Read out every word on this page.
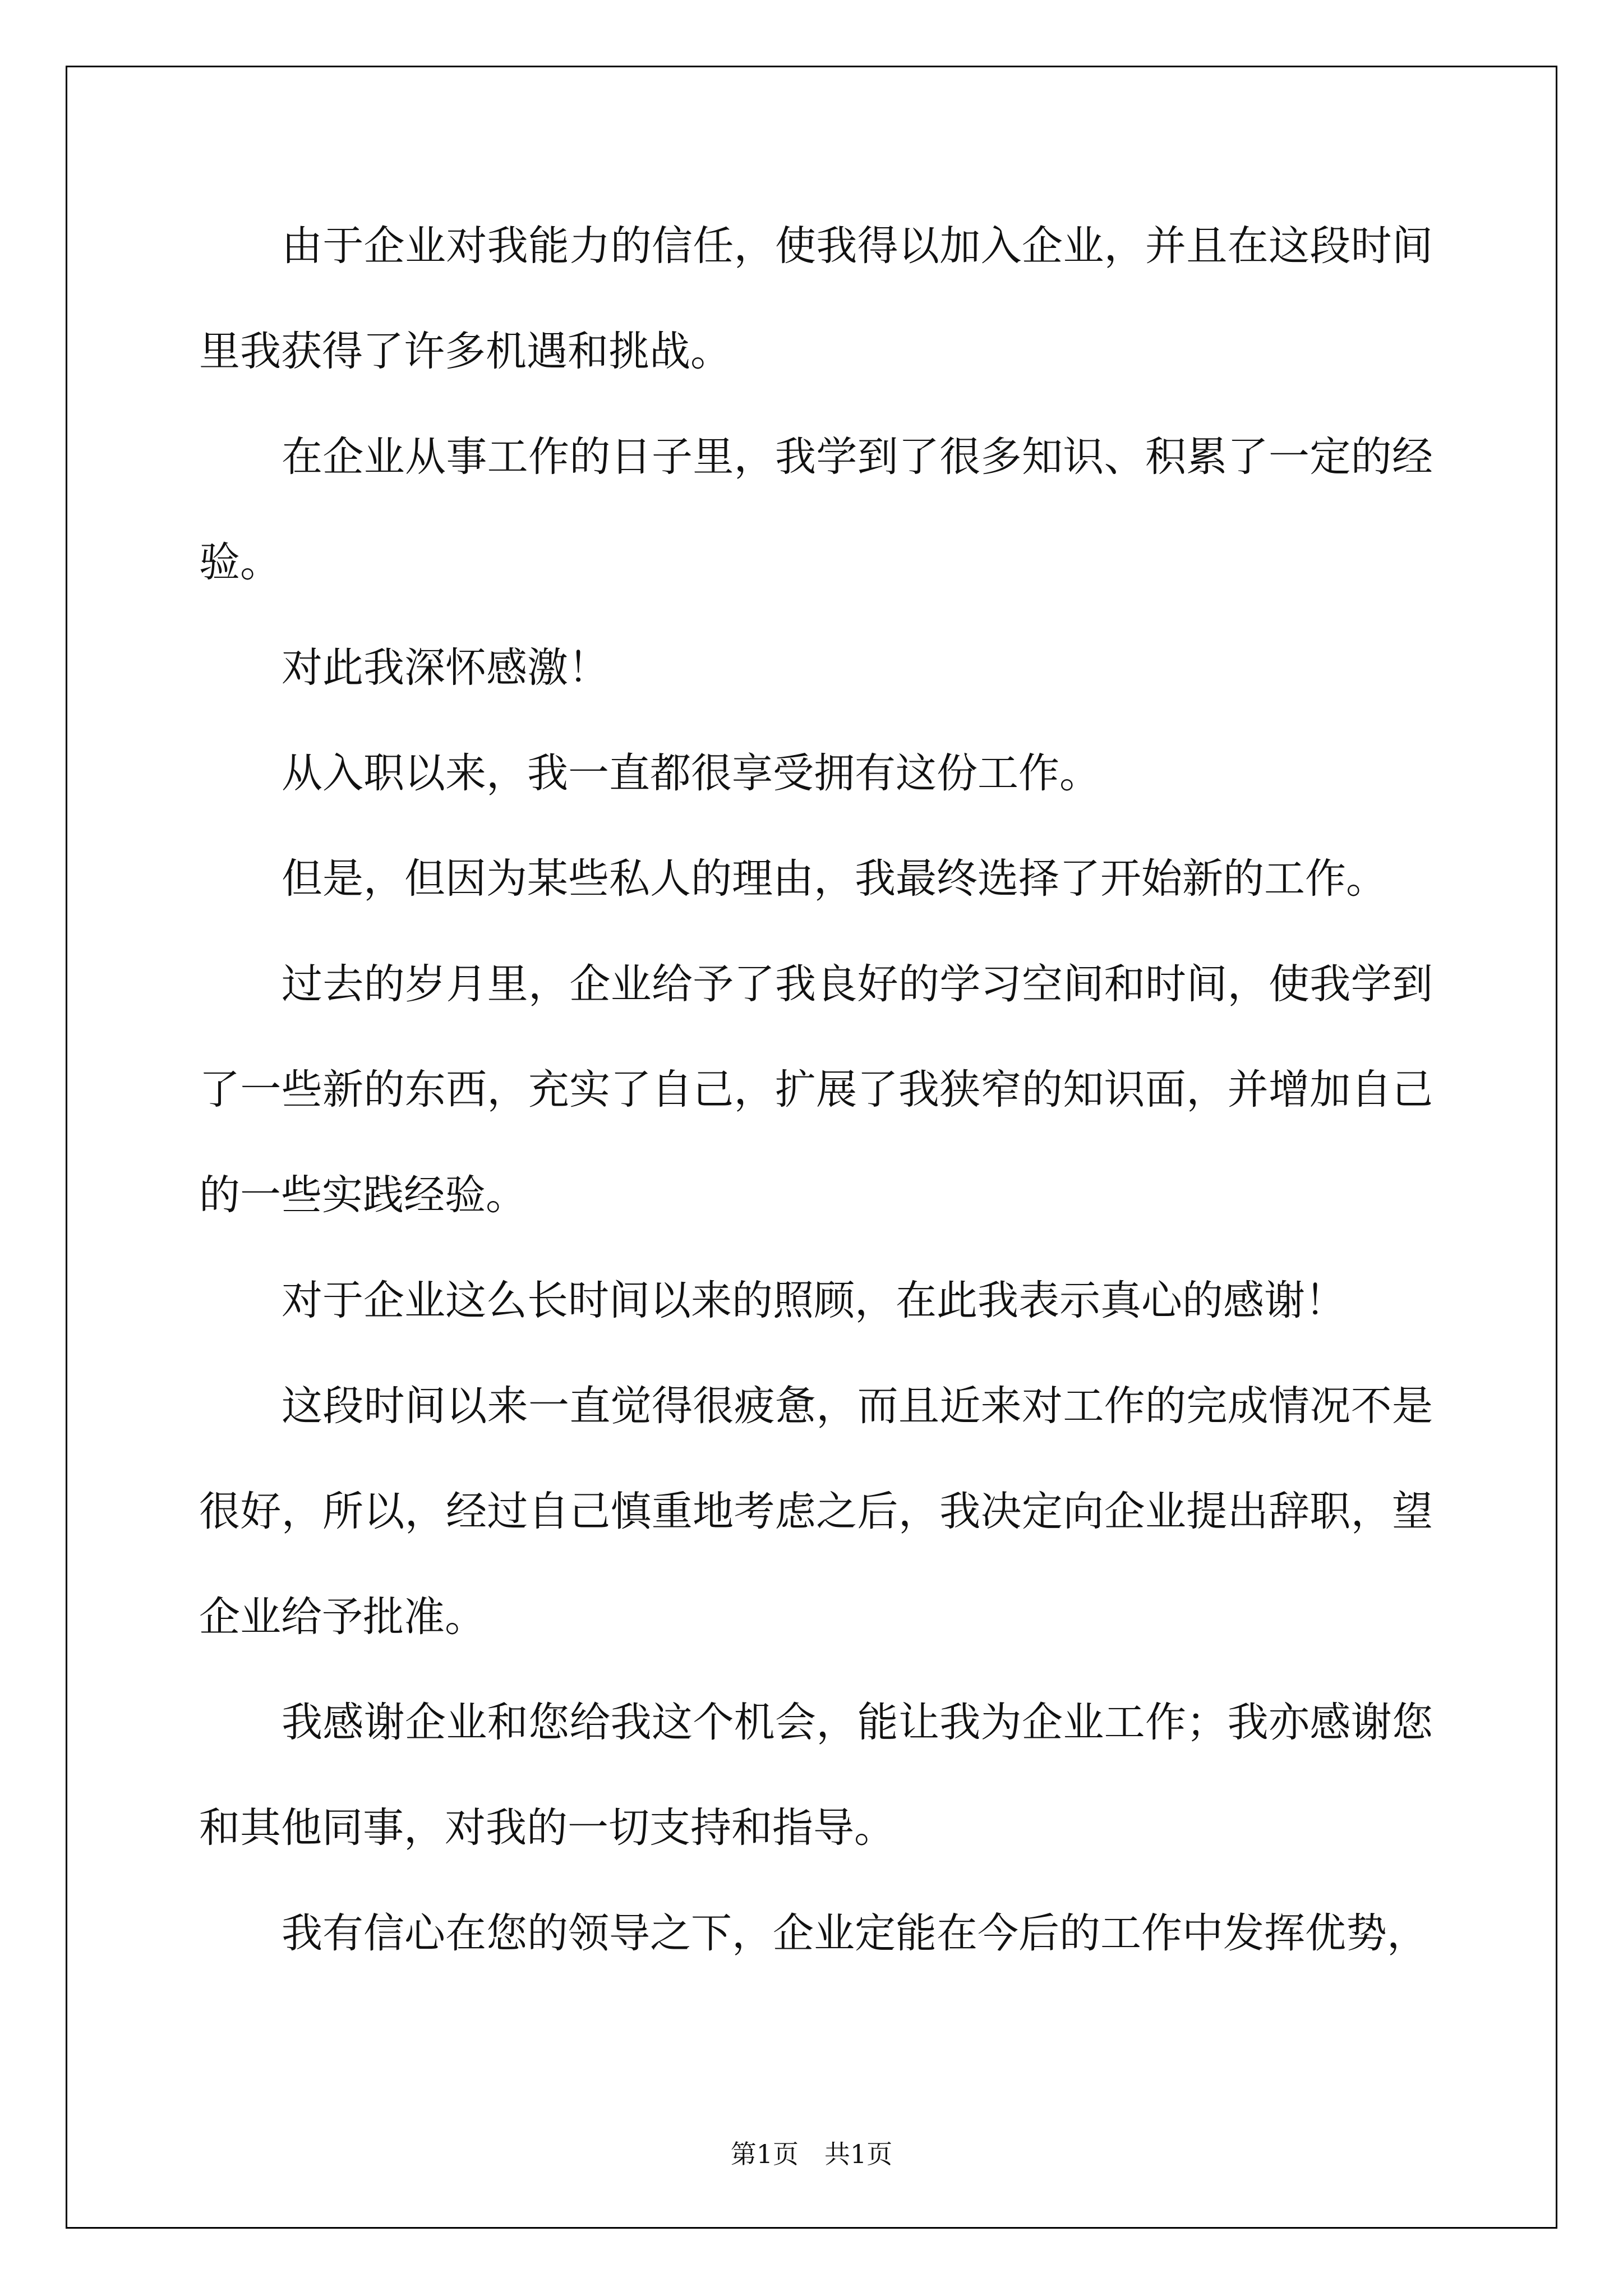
由于企业对我能力的信任，使我得以加入企业，并且在这段时间里我获得了许多机遇和挑战。

在企业从事工作的日子里，我学到了很多知识、积累了一定的经验。

对此我深怀感激！

从入职以来，我一直都很享受拥有这份工作。

但是，但因为某些私人的理由，我最终选择了开始新的工作。

过去的岁月里，企业给予了我良好的学习空间和时间，使我学到了一些新的东西，充实了自己，扩展了我狭窄的知识面，并增加自己的一些实践经验。

对于企业这么长时间以来的照顾，在此我表示真心的感谢！

这段时间以来一直觉得很疲惫，而且近来对工作的完成情况不是很好，所以，经过自己慎重地考虑之后，我决定向企业提出辞职，望企业给予批准。

我感谢企业和您给我这个机会，能让我为企业工作；我亦感谢您和其他同事，对我的一切支持和指导。

我有信心在您的领导之下，企业定能在今后的工作中发挥优势，

第1页　共1页
